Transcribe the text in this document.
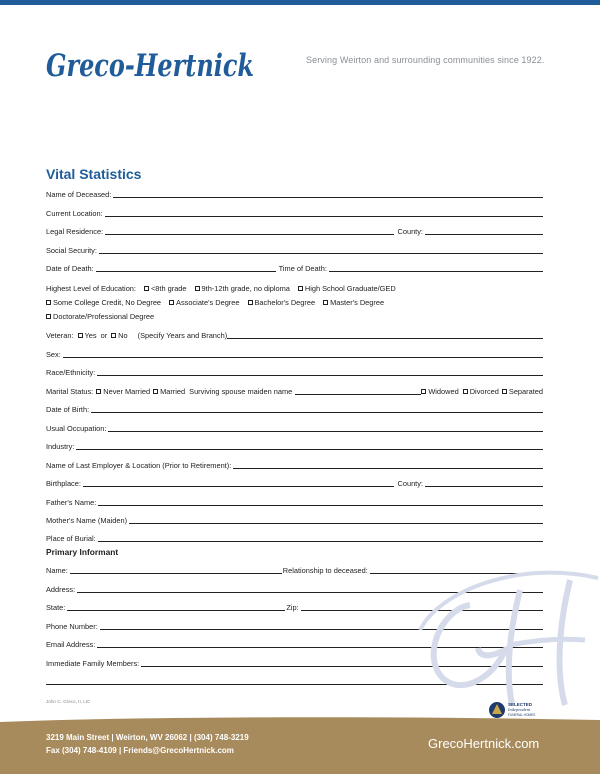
Greco-Hertnick	Serving Weirton and surrounding communities since 1922.
Vital Statistics
Name of Deceased:
Current Location:
Legal Residence:	County:
Social Security:
Date of Death:	Time of Death:
Highest Level of Education:	<8th grade	9th-12th grade, no diploma	High School Graduate/GED
Some College Credit, No Degree	Associate's Degree	Bachelor's Degree	Master's Degree
Doctorate/Professional Degree
Veteran:	Yes or	No (Specify Years and Branch)
Sex:
Race/Ethnicity:
Marital Status:	Never Married	Married Surviving spouse maiden name	Widowed	Divorced	Separated
Date of Birth:
Usual Occupation:
Industry:
Name of Last Employer & Location (Prior to Retirement):
Birthplace:	County:
Father's Name:
Mother's Name (Maiden)
Place of Burial:
Primary Informant
Name:	Relationship to deceased:
Address:
State:	Zip:
Phone Number:
Email Address:
Immediate Family Members:
John C. Greco, II, LIC
SELECTED
Independent
FUNERAL HOMES
3219 Main Street | Weirton, WV 26062 | (304) 748-3219
Fax (304) 748-4109 | Friends@GrecoHertnick.com	GrecoHertnick.com
